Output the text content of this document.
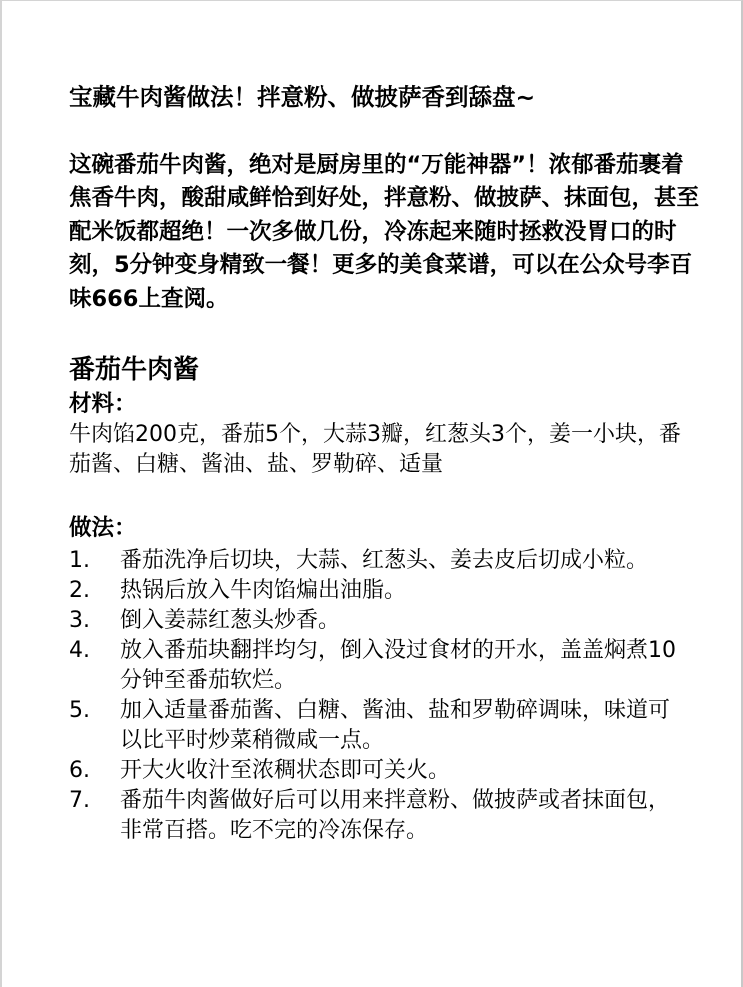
宝藏牛肉酱做法！拌意粉、做披萨香到舔盘~

这碗番茄牛肉酱，绝对是厨房里的“万能神器”！浓郁番茄裹着焦香牛肉，酸甜咸鲜恰到好处，拌意粉、做披萨、抹面包，甚至配米饭都超绝！一次多做几份，冷冻起来随时拯救没胃口的时刻，5分钟变身精致一餐！更多的美食菜谱，可以在公众号李百味666上查阅。

番茄牛肉酱
材料：

牛肉馅200克，番茄5个，大蒜3瓣，红葱头3个，姜一小块，番茄酱、白糖、酱油、盐、罗勒碎、适量

做法：
1.	番茄洗净后切块，大蒜、红葱头、姜去皮后切成小粒。
2.	热锅后放入牛肉馅煸出油脂。
3.	倒入姜蒜红葱头炒香。
4.	放入番茄块翻拌均匀，倒入没过食材的开水，盖盖焖煮10分钟至番茄软烂。
5.	加入适量番茄酱、白糖、酱油、盐和罗勒碎调味，味道可以比平时炒菜稍微咸一点。
6.	开大火收汁至浓稠状态即可关火。
7.	番茄牛肉酱做好后可以用来拌意粉、做披萨或者抹面包，非常百搭。吃不完的冷冻保存。
